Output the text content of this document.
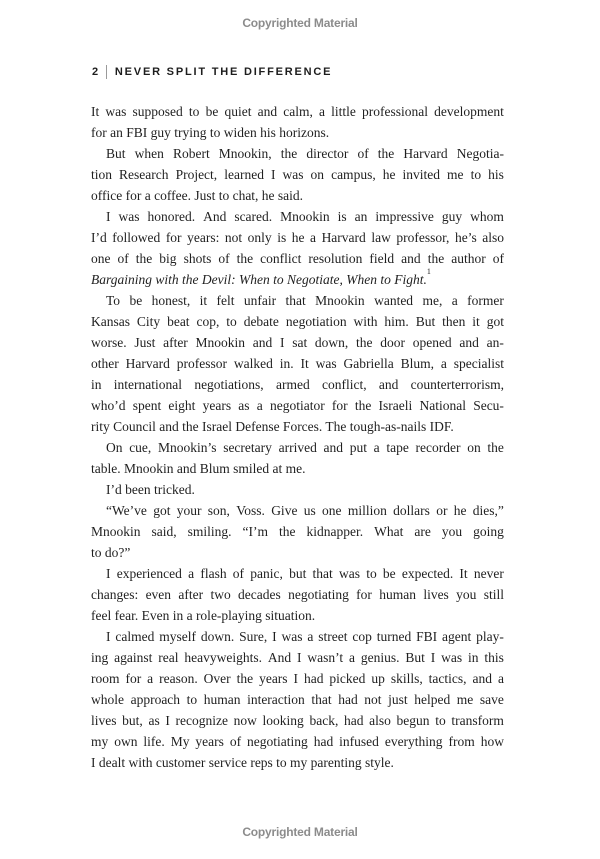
Copyrighted Material
2 NEVER SPLIT THE DIFFERENCE
It was supposed to be quiet and calm, a little professional development
for an FBI guy trying to widen his horizons.
But when Robert Mnookin, the director of the Harvard Negotia-
tion Research Project, learned I was on campus, he invited me to his
office for a coffee. Just to chat, he said.
I was honored. And scared. Mnookin is an impressive guy whom
I’d followed for years: not only is he a Harvard law professor, he’s also
one of the big shots of the conflict resolution field and the author of
Bargaining with the Devil: When to Negotiate, When to Fight.$^1$
To be honest, it felt unfair that Mnookin wanted me, a former
Kansas City beat cop, to debate negotiation with him. But then it got
worse. Just after Mnookin and I sat down, the door opened and an-
other Harvard professor walked in. It was Gabriella Blum, a specialist
in international negotiations, armed conflict, and counterterrorism,
who’d spent eight years as a negotiator for the Israeli National Secu-
rity Council and the Israel Defense Forces. The tough-as-nails IDF.
On cue, Mnookin’s secretary arrived and put a tape recorder on the
table. Mnookin and Blum smiled at me.
I’d been tricked.
“We’ve got your son, Voss. Give us one million dollars or he dies,”
Mnookin said, smiling. “I’m the kidnapper. What are you going
to do?”
I experienced a flash of panic, but that was to be expected. It never
changes: even after two decades negotiating for human lives you still
feel fear. Even in a role-playing situation.
I calmed myself down. Sure, I was a street cop turned FBI agent play-
ing against real heavyweights. And I wasn’t a genius. But I was in this
room for a reason. Over the years I had picked up skills, tactics, and a
whole approach to human interaction that had not just helped me save
lives but, as I recognize now looking back, had also begun to transform
my own life. My years of negotiating had infused everything from how
I dealt with customer service reps to my parenting style.
Copyrighted Material
